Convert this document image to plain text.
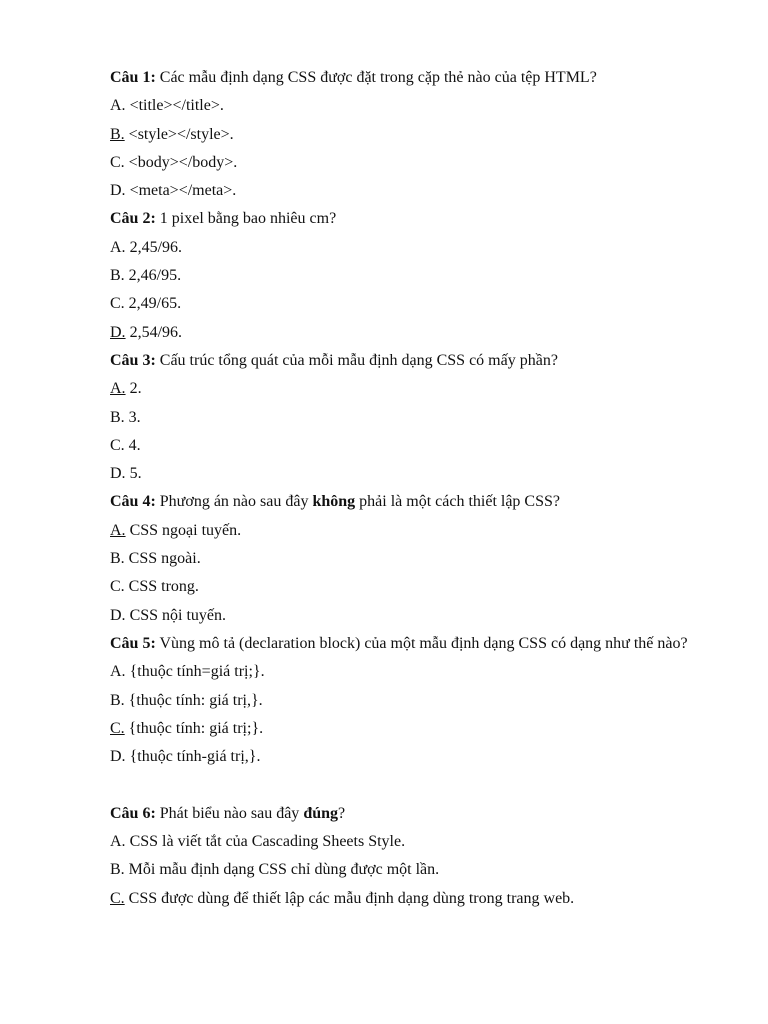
Câu 1: Các mẫu định dạng CSS được đặt trong cặp thẻ nào của tệp HTML?
A. <title></title>.
B. <style></style>.
C. <body></body>.
D. <meta></meta>.
Câu 2: 1 pixel bằng bao nhiêu cm?
A. 2,45/96.
B. 2,46/95.
C. 2,49/65.
D. 2,54/96.
Câu 3: Cấu trúc tổng quát của mỗi mẫu định dạng CSS có mấy phần?
A. 2.
B. 3.
C. 4.
D. 5.
Câu 4: Phương án nào sau đây không phải là một cách thiết lập CSS?
A. CSS ngoại tuyến.
B. CSS ngoài.
C. CSS trong.
D. CSS nội tuyến.
Câu 5: Vùng mô tả (declaration block) của một mẫu định dạng CSS có dạng như thế nào?
A. {thuộc tính=giá trị;}.
B. {thuộc tính: giá trị,}.
C. {thuộc tính: giá trị;}.
D. {thuộc tính-giá trị,}.
Câu 6: Phát biểu nào sau đây đúng?
A. CSS là viết tắt của Cascading Sheets Style.
B. Mỗi mẫu định dạng CSS chỉ dùng được một lần.
C. CSS được dùng để thiết lập các mẫu định dạng dùng trong trang web.
